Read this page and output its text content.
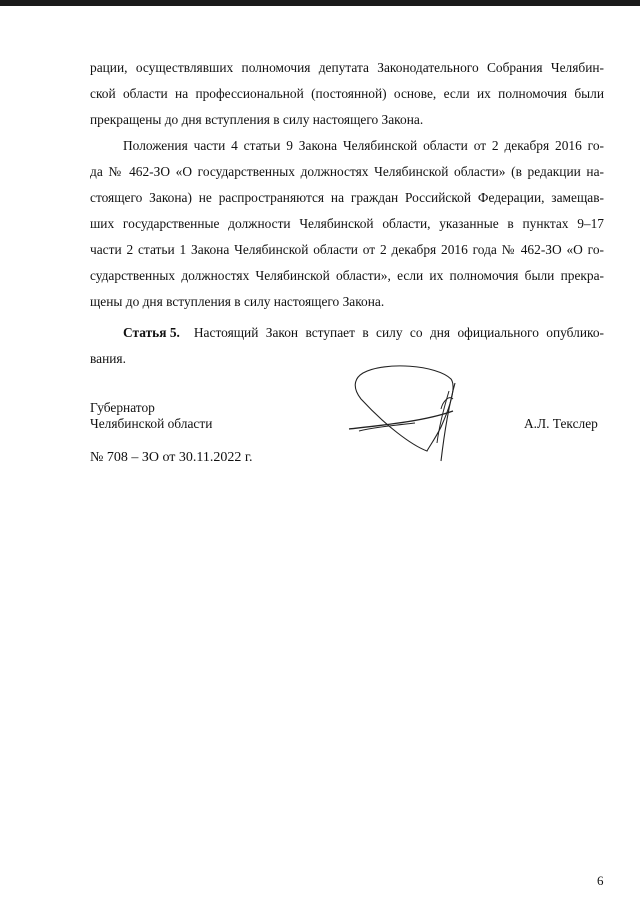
рации, осуществлявших полномочия депутата Законодательного Собрания Челябин-
ской области на профессиональной (постоянной) основе, если их полномочия были
прекращены до дня вступления в силу настоящего Закона.
Положения части 4 статьи 9 Закона Челябинской области от 2 декабря 2016 го-
да № 462-ЗО «О государственных должностях Челябинской области» (в редакции на-
стоящего Закона) не распространяются на граждан Российской Федерации, замещав-
ших государственные должности Челябинской области, указанные в пунктах 9–17
части 2 статьи 1 Закона Челябинской области от 2 декабря 2016 года № 462-ЗО «О го-
сударственных должностях Челябинской области», если их полномочия были прекра-
щены до дня вступления в силу настоящего Закона.
Статья 5. Настоящий Закон вступает в силу со дня официального опублико-
вания.
Губернатор
Челябинской области	А.Л. Текслер
№ 708 – ЗО от 30.11.2022 г.
6
